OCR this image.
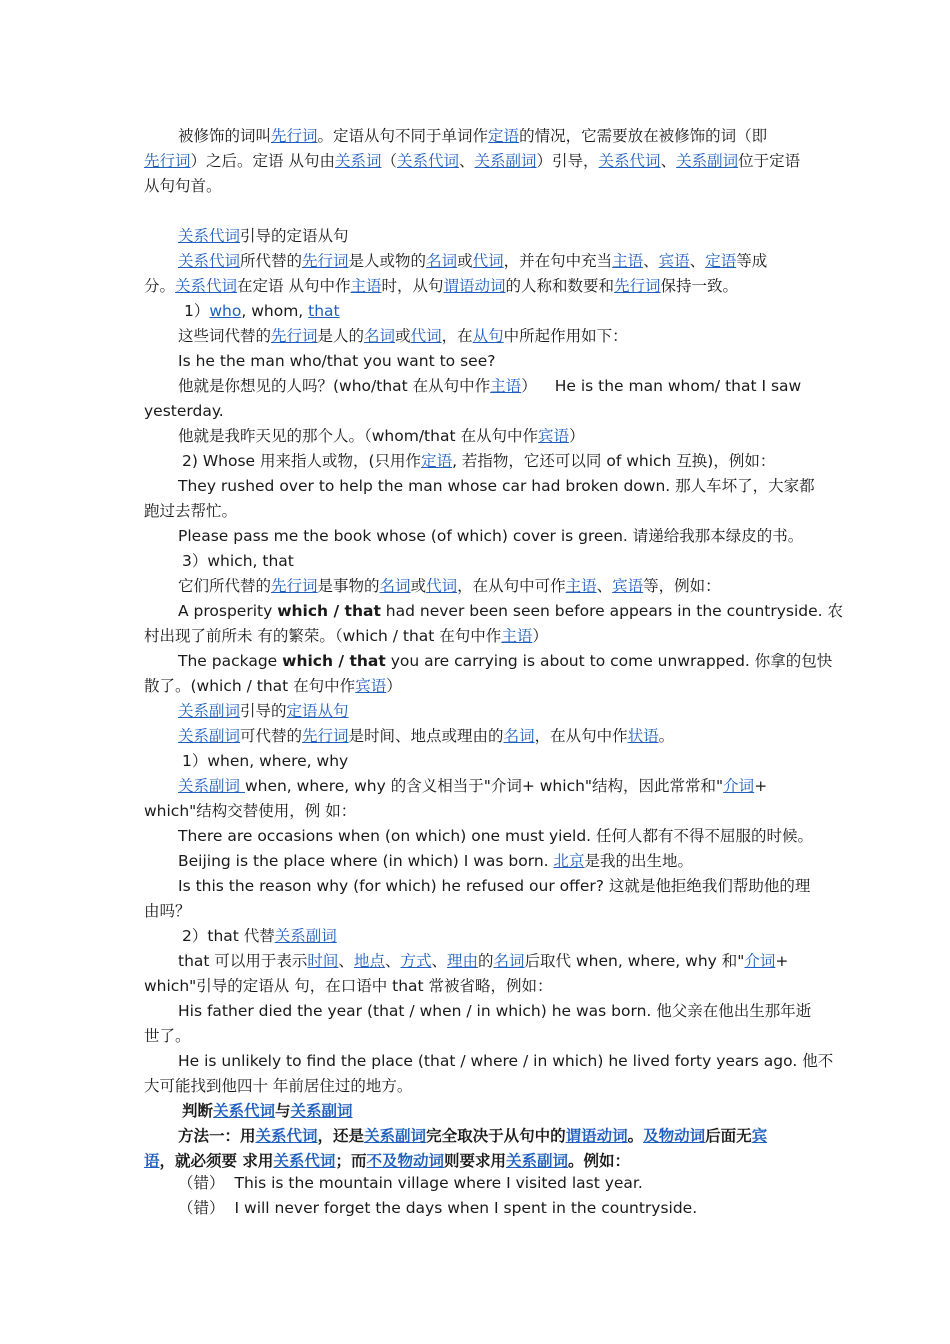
被修饰的词叫先行词。定语从句不同于单词作定语的情况，它需要放在被修饰的词（即
先行词）之后。定语 从句由关系词（关系代词、关系副词）引导，关系代词、关系副词位于定语
从句句首。
关系代词引导的定语从句
关系代词所代替的先行词是人或物的名词或代词，并在句中充当主语、宾语、定语等成
分。关系代词在定语 从句中作主语时，从句谓语动词的人称和数要和先行词保持一致。
1）who, whom, that
这些词代替的先行词是人的名词或代词，在从句中所起作用如下：
Is he the man who/that you want to see?
他就是你想见的人吗？(who/that 在从句中作主语） He is the man whom/ that I saw
yesterday.
他就是我昨天见的那个人。（whom/that 在从句中作宾语）
2) Whose 用来指人或物，(只用作定语, 若指物，它还可以同 of which 互换)，例如：
They rushed over to help the man whose car had broken down. 那人车坏了，大家都
跑过去帮忙。
Please pass me the book whose (of which) cover is green. 请递给我那本绿皮的书。
3）which, that
它们所代替的先行词是事物的名词或代词，在从句中可作主语、宾语等，例如：
A prosperity which / that had never been seen before appears in the countryside. 农
村出现了前所未 有的繁荣。（which / that 在句中作主语）
The package which / that you are carrying is about to come unwrapped. 你拿的包快
散了。(which / that 在句中作宾语）
关系副词引导的定语从句
关系副词可代替的先行词是时间、地点或理由的名词，在从句中作状语。
1）when, where, why
关系副词 when, where, why 的含义相当于"介词+ which"结构，因此常常和"介词+
which"结构交替使用，例 如：
There are occasions when (on which) one must yield. 任何人都有不得不屈服的时候。
Beijing is the place where (in which) I was born. 北京是我的出生地。
Is this the reason why (for which) he refused our offer? 这就是他拒绝我们帮助他的理
由吗？
2）that 代替关系副词
that 可以用于表示时间、地点、方式、理由的名词后取代 when, where, why 和"介词+
which"引导的定语从 句，在口语中 that 常被省略，例如：
His father died the year (that / when / in which) he was born. 他父亲在他出生那年逝
世了。
He is unlikely to find the place (that / where / in which) he lived forty years ago. 他不
大可能找到他四十 年前居住过的地方。
判断关系代词与关系副词
方法一：用关系代词，还是关系副词完全取决于从句中的谓语动词。及物动词后面无宾
语，就必须要 求用关系代词；而不及物动词则要求用关系副词。例如：
（错） This is the mountain village where I visited last year.
（错） I will never forget the days when I spent in the countryside.
